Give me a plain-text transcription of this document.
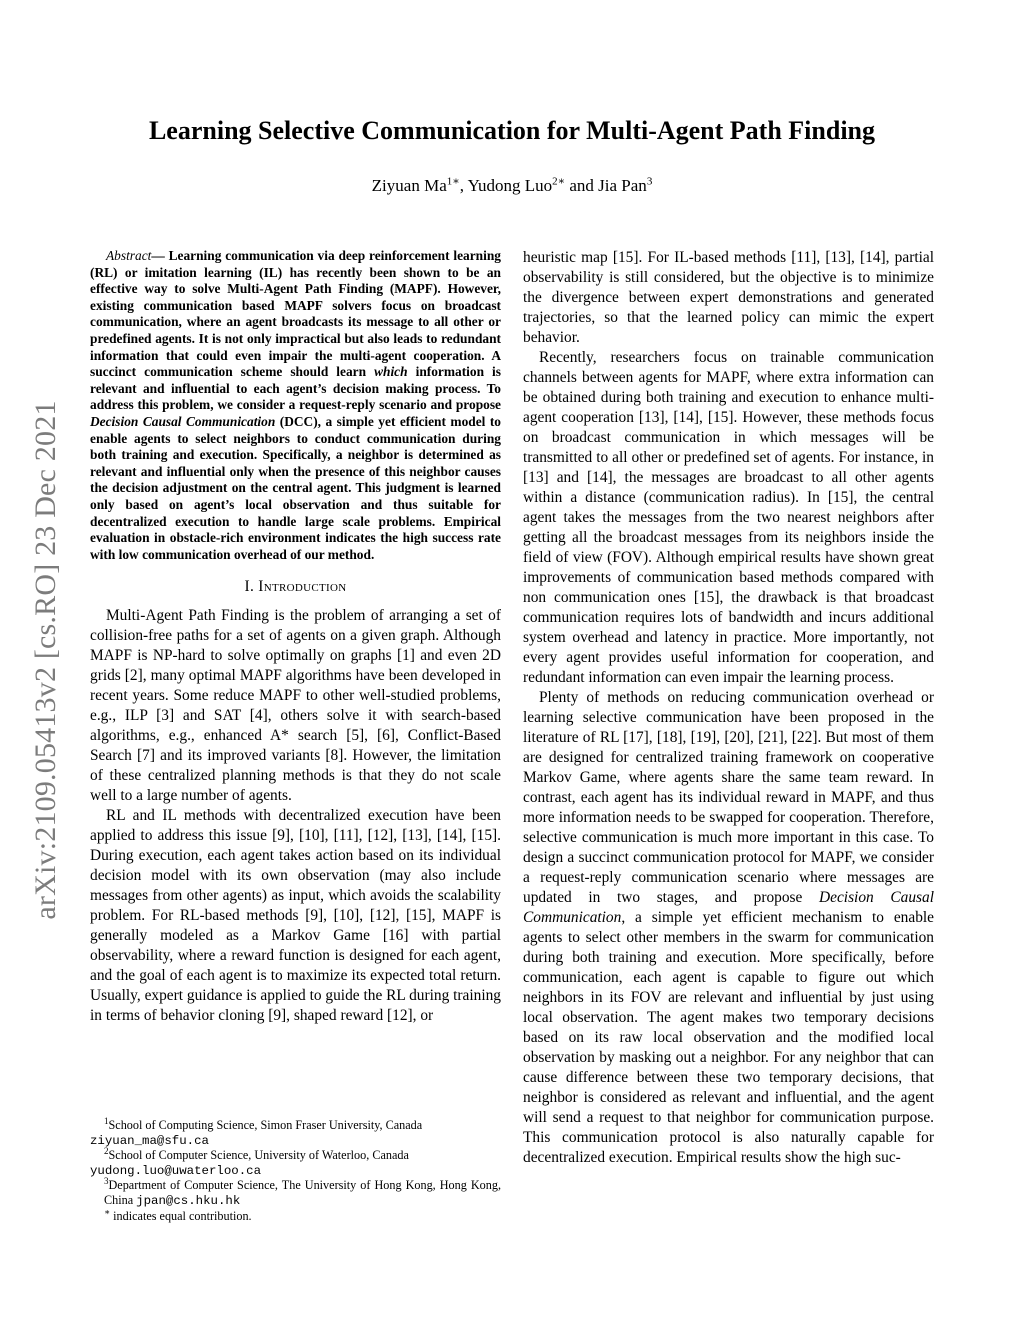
arXiv:2109.05413v2 [cs.RO] 23 Dec 2021
Learning Selective Communication for Multi-Agent Path Finding
Ziyuan $Ma^{1∗}$, Yudong Luo$^{2∗}$ and Jia Pan$^3$
Abstract— Learning communication via deep reinforcement learning (RL) or imitation learning (IL) has recently been shown to be an effective way to solve Multi-Agent Path Finding (MAPF). However, existing communication based MAPF solvers focus on broadcast communication, where an agent broadcasts its message to all other or predefined agents. It is not only impractical but also leads to redundant information that could even impair the multi-agent cooperation. A succinct communication scheme should learn which information is relevant and influential to each agent’s decision making process. To address this problem, we consider a request-reply scenario and propose Decision Causal Communication (DCC), a simple yet efficient model to enable agents to select neighbors to conduct communication during both training and execution. Specifically, a neighbor is determined as relevant and influential only when the presence of this neighbor causes the decision adjustment on the central agent. This judgment is learned only based on agent’s local observation and thus suitable for decentralized execution to handle large scale problems. Empirical evaluation in obstacle-rich environment indicates the high success rate with low communication overhead of our method.
I. Introduction

Multi-Agent Path Finding is the problem of arranging a set of collision-free paths for a set of agents on a given graph. Although MAPF is NP-hard to solve optimally on graphs [1] and even 2D grids [2], many optimal MAPF algorithms have been developed in recent years. Some reduce MAPF to other well-studied problems, e.g., ILP [3] and SAT [4], others solve it with search-based algorithms, e.g., enhanced A* search [5], [6], Conflict-Based Search [7] and its improved variants [8]. However, the limitation of these centralized planning methods is that they do not scale well to a large number of agents.

RL and IL methods with decentralized execution have been applied to address this issue [9], [10], [11], [12], [13], [14], [15]. During execution, each agent takes action based on its individual decision model with its own observation (may also include messages from other agents) as input, which avoids the scalability problem. For RL-based methods [9], [10], [12], [15], MAPF is generally modeled as a Markov Game [16] with partial observability, where a reward function is designed for each agent, and the goal of each agent is to maximize its expected total return. Usually, expert guidance is applied to guide the RL during training in terms of behavior cloning [9], shaped reward [12], or

heuristic map [15]. For IL-based methods [11], [13], [14], partial observability is still considered, but the objective is to minimize the divergence between expert demonstrations and generated trajectories, so that the learned policy can mimic the expert behavior.

Recently, researchers focus on trainable communication channels between agents for MAPF, where extra information can be obtained during both training and execution to enhance multi-agent cooperation [13], [14], [15]. However, these methods focus on broadcast communication in which messages will be transmitted to all other or predefined set of agents. For instance, in [13] and [14], the messages are broadcast to all other agents within a distance (communication radius). In [15], the central agent takes the messages from the two nearest neighbors after getting all the broadcast messages from its neighbors inside the field of view (FOV). Although empirical results have shown great improvements of communication based methods compared with non communication ones [15], the drawback is that broadcast communication requires lots of bandwidth and incurs additional system overhead and latency in practice. More importantly, not every agent provides useful information for cooperation, and redundant information can even impair the learning process.

Plenty of methods on reducing communication overhead or learning selective communication have been proposed in the literature of RL [17], [18], [19], [20], [21], [22]. But most of them are designed for centralized training framework on cooperative Markov Game, where agents share the same team reward. In contrast, each agent has its individual reward in MAPF, and thus more information needs to be swapped for cooperation. Therefore, selective communication is much more important in this case. To design a succinct communication protocol for MAPF, we consider a request-reply communication scenario where messages are updated in two stages, and propose Decision Causal Communication, a simple yet efficient mechanism to enable agents to select other members in the swarm for communication during both training and execution. More specifically, before communication, each agent is capable to figure out which neighbors in its FOV are relevant and influential by just using local observation. The agent makes two temporary decisions based on its raw local observation and the modified local observation by masking out a neighbor. For any neighbor that can cause difference between these two temporary decisions, that neighbor is considered as relevant and influential, and the agent will send a request to that neighbor for communication purpose. This communication protocol is also naturally capable for decentralized execution. Empirical results show the high suc-

$^1$School of Computing Science, Simon Fraser University, Canada
ziyuan_ma@sfu.ca
$^2$School of Computer Science, University of Waterloo, Canada
yudong.luo@uwaterloo.ca
$^3$Department of Computer Science, The University of Hong Kong, Hong Kong, China jpan@cs.hku.hk
∗ indicates equal contribution.
